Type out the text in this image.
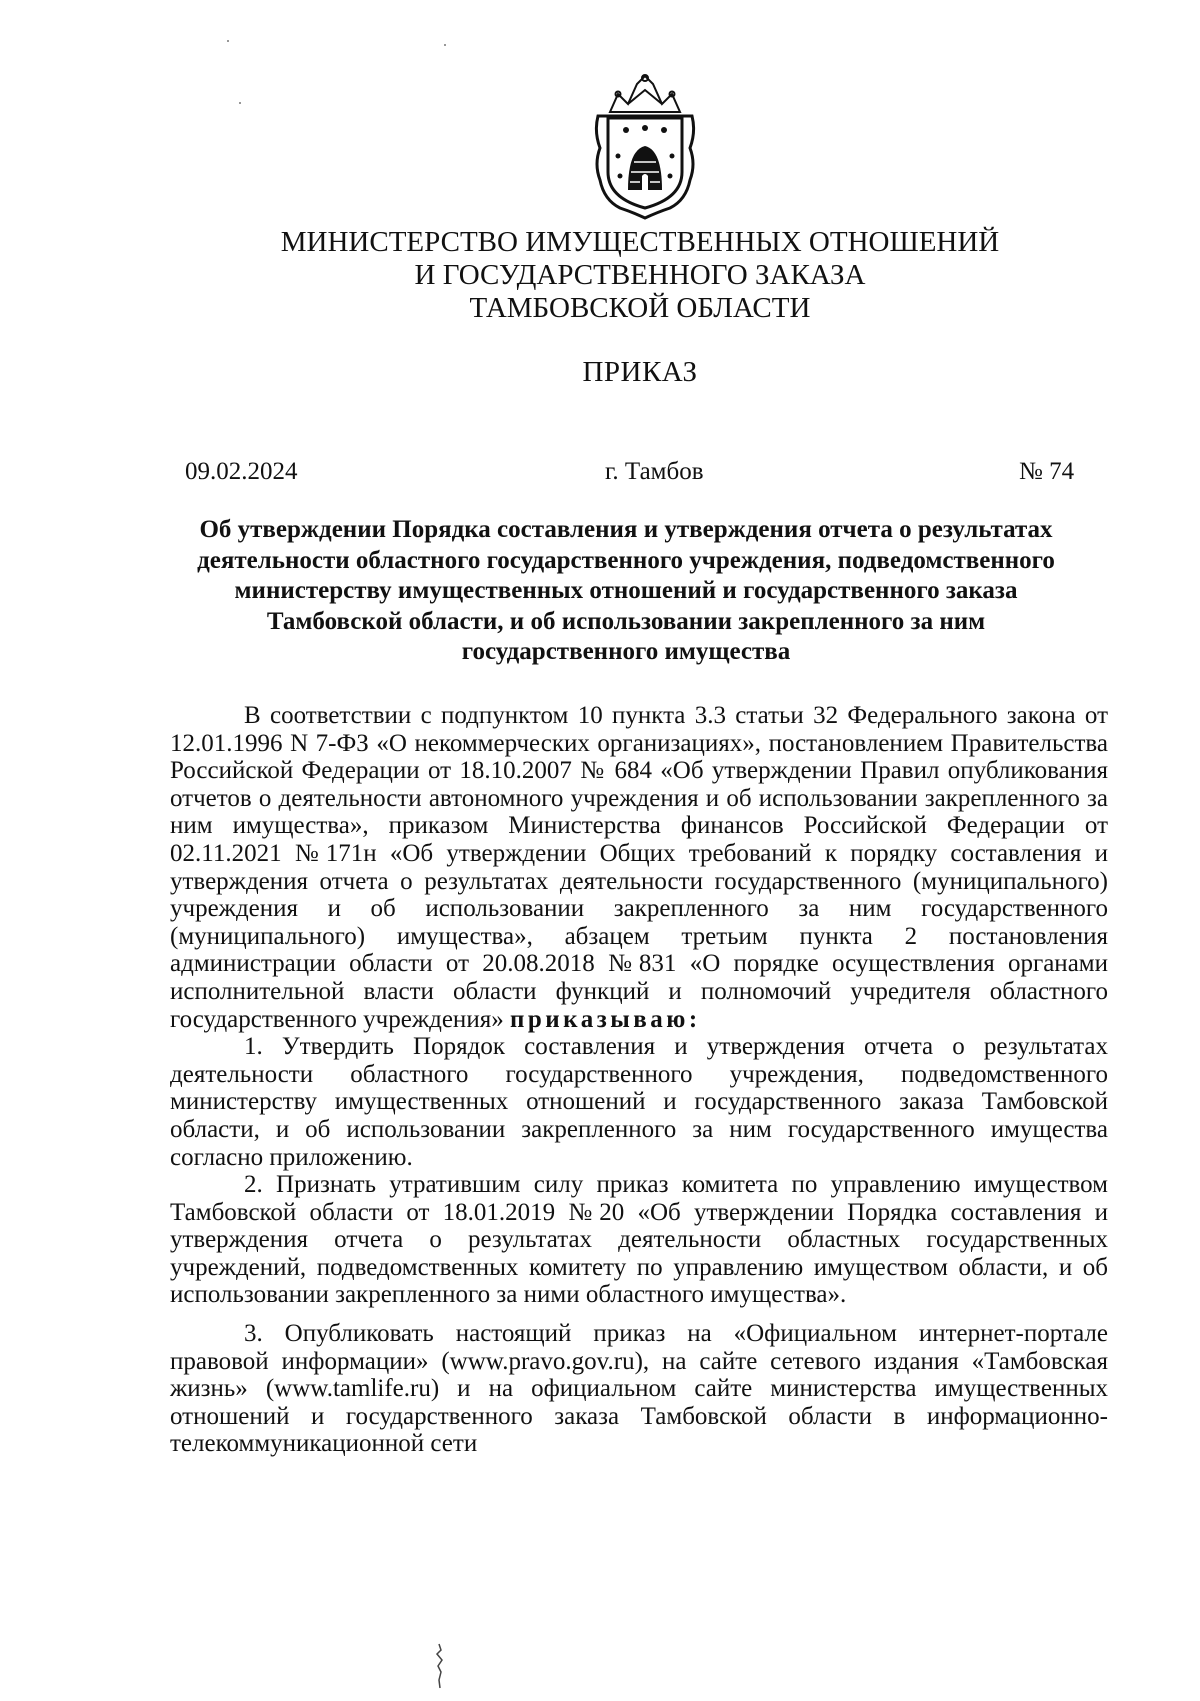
МИНИСТЕРСТВО ИМУЩЕСТВЕННЫХ ОТНОШЕНИЙ
И ГОСУДАРСТВЕННОГО ЗАКАЗА
ТАМБОВСКОЙ ОБЛАСТИ
ПРИКАЗ
09.02.2024	г. Тамбов	№ 74
Об утверждении Порядка составления и утверждения отчета о результатах деятельности областного государственного учреждения, подведомственного министерству имущественных отношений и государственного заказа Тамбовской области, и об использовании закрепленного за ним государственного имущества

В соответствии с подпунктом 10 пункта 3.3 статьи 32 Федерального закона от 12.01.1996 N 7-ФЗ «О некоммерческих организациях», постановлением Правительства Российской Федерации от 18.10.2007 № 684 «Об утверждении Правил опубликования отчетов о деятельности автономного учреждения и об использовании закрепленного за ним имущества», приказом Министерства финансов Российской Федерации от 02.11.2021 №171н «Об утверждении Общих требований к порядку составления и утверждения отчета о результатах деятельности государственного (муниципального) учреждения и об использовании закрепленного за ним государственного (муниципального) имущества», абзацем третьим пункта 2 постановления администрации области от 20.08.2018 №831 «О порядке осуществления органами исполнительной власти области функций и полномочий учредителя областного государственного учреждения» приказываю:

1. Утвердить Порядок составления и утверждения отчета о результатах деятельности областного государственного учреждения, подведомственного министерству имущественных отношений и государственного заказа Тамбовской области, и об использовании закрепленного за ним государственного имущества согласно приложению.

2. Признать утратившим силу приказ комитета по управлению имуществом Тамбовской области от 18.01.2019 №20 «Об утверждении Порядка составления и утверждения отчета о результатах деятельности областных государственных учреждений, подведомственных комитету по управлению имуществом области, и об использовании закрепленного за ними областного имущества».

3. Опубликовать настоящий приказ на «Официальном интернет-портале правовой информации» (www.pravo.gov.ru), на сайте сетевого издания «Тамбовская жизнь» (www.tamlife.ru) и на официальном сайте министерства имущественных отношений и государственного заказа Тамбовской области в информационно-телекоммуникационной сети
